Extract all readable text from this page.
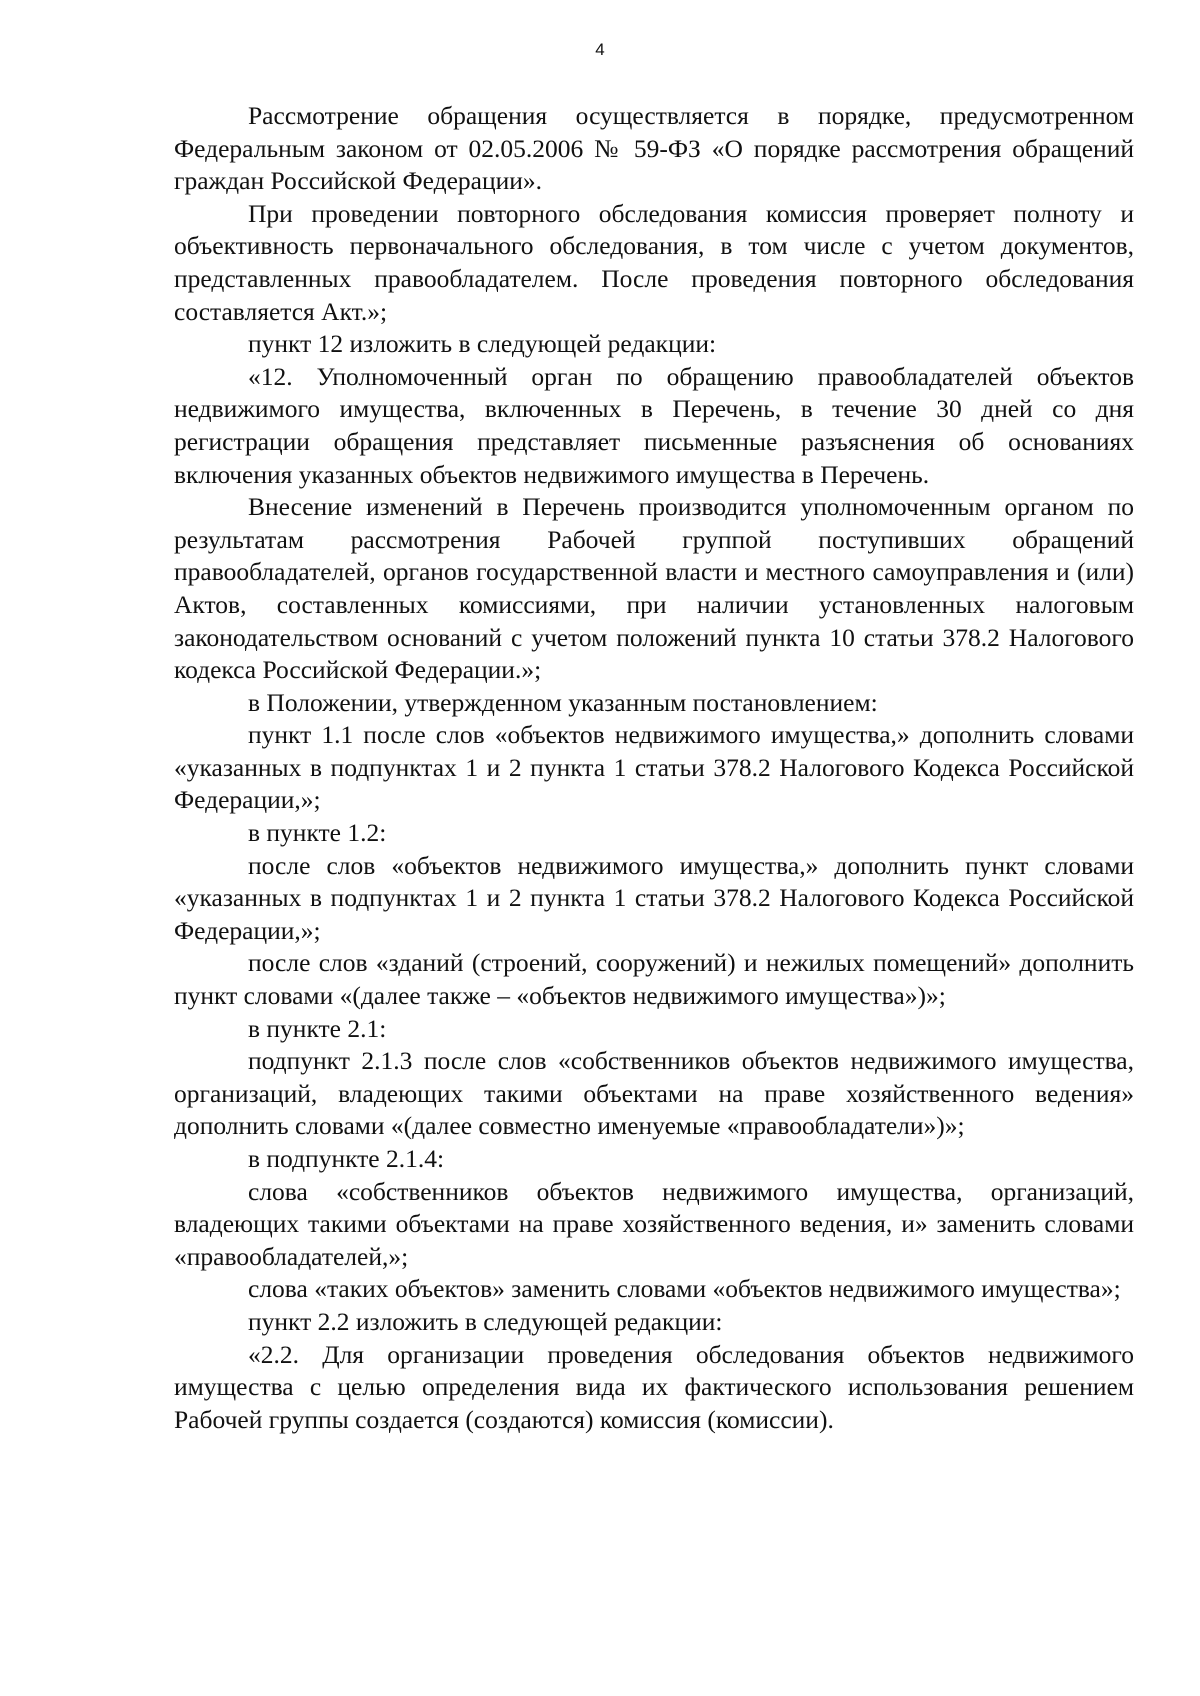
4

Рассмотрение обращения осуществляется в порядке, предусмотренном Федеральным законом от 02.05.2006 № 59-ФЗ «О порядке рассмотрения обращений граждан Российской Федерации».

При проведении повторного обследования комиссия проверяет полноту и объективность первоначального обследования, в том числе с учетом документов, представленных правообладателем. После проведения повторного обследования составляется Акт.»;

пункт 12 изложить в следующей редакции:

«12. Уполномоченный орган по обращению правообладателей объектов недвижимого имущества, включенных в Перечень, в течение 30 дней со дня регистрации обращения представляет письменные разъяснения об основаниях включения указанных объектов недвижимого имущества в Перечень.

Внесение изменений в Перечень производится уполномоченным органом по результатам рассмотрения Рабочей группой поступивших обращений правообладателей, органов государственной власти и местного самоуправления и (или) Актов, составленных комиссиями, при наличии установленных налоговым законодательством оснований с учетом положений пункта 10 статьи 378.2 Налогового кодекса Российской Федерации.»;

в Положении, утвержденном указанным постановлением:

пункт 1.1 после слов «объектов недвижимого имущества,» дополнить словами «указанных в подпунктах 1 и 2 пункта 1 статьи 378.2 Налогового Кодекса Российской Федерации,»;

в пункте 1.2:

после слов «объектов недвижимого имущества,» дополнить пункт словами «указанных в подпунктах 1 и 2 пункта 1 статьи 378.2 Налогового Кодекса Российской Федерации,»;

после слов «зданий (строений, сооружений) и нежилых помещений» дополнить пункт словами «(далее также – «объектов недвижимого имущества»)»;

в пункте 2.1:

подпункт 2.1.3 после слов «собственников объектов недвижимого имущества, организаций, владеющих такими объектами на праве хозяйственного ведения» дополнить словами «(далее совместно именуемые «правообладатели»)»;

в подпункте 2.1.4:

слова «собственников объектов недвижимого имущества, организаций, владеющих такими объектами на праве хозяйственного ведения, и» заменить словами «правообладателей,»;

слова «таких объектов» заменить словами «объектов недвижимого имущества»;

пункт 2.2 изложить в следующей редакции:

«2.2. Для организации проведения обследования объектов недвижимого имущества с целью определения вида их фактического использования решением Рабочей группы создается (создаются) комиссия (комиссии).
